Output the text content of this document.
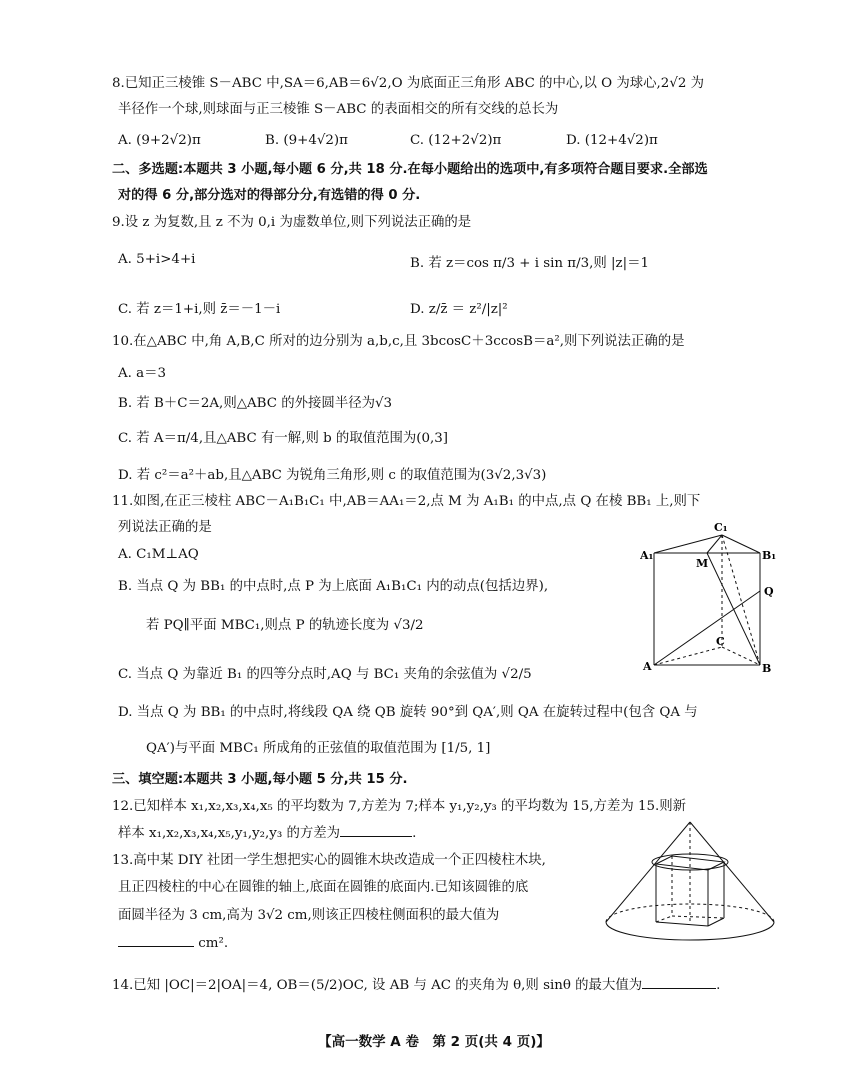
8.已知正三棱锥 S－ABC 中,SA＝6,AB＝6√2,O 为底面正三角形 ABC 的中心,以 O 为球心,2√2 为
半径作一个球,则球面与正三棱锥 S－ABC 的表面相交的所有交线的总长为
A. (9+2√2)π	B. (9+4√2)π	C. (12+2√2)π	D. (12+4√2)π
二、多选题:本题共 3 小题,每小题 6 分,共 18 分.在每小题给出的选项中,有多项符合题目要求.全部选
对的得 6 分,部分选对的得部分分,有选错的得 0 分.
9.设 z 为复数,且 z 不为 0,i 为虚数单位,则下列说法正确的是
A. 5+i>4+i	B. 若 z＝cos π/3 + i sin π/3,则 |z|＝1
C. 若 z＝1+i,则 z̄＝－1－i	D. z/z̄ ＝ z²/|z|²
10.在△ABC 中,角 A,B,C 所对的边分别为 a,b,c,且 3bcosC＋3ccosB＝a²,则下列说法正确的是
A. a＝3
B. 若 B＋C＝2A,则△ABC 的外接圆半径为√3
C. 若 A＝π/4,且△ABC 有一解,则 b 的取值范围为(0,3]
D. 若 c²＝a²＋ab,且△ABC 为锐角三角形,则 c 的取值范围为(3√2,3√3)
11.如图,在正三棱柱 ABC－A₁B₁C₁ 中,AB＝AA₁＝2,点 M 为 A₁B₁ 的中点,点 Q 在棱 BB₁ 上,则下
列说法正确的是
A. C₁M⊥AQ
B. 当点 Q 为 BB₁ 的中点时,点 P 为上底面 A₁B₁C₁ 内的动点(包括边界),
若 PQ∥平面 MBC₁,则点 P 的轨迹长度为 √3/2
C. 当点 Q 为靠近 B₁ 的四等分点时,AQ 与 BC₁ 夹角的余弦值为 √2/5
D. 当点 Q 为 BB₁ 的中点时,将线段 QA 绕 QB 旋转 90°到 QA′,则 QA 在旋转过程中(包含 QA 与
QA′)与平面 MBC₁ 所成角的正弦值的取值范围为 [1/5, 1]
C₁
A₁	B₁
M
Q
C
A	B
三、填空题:本题共 3 小题,每小题 5 分,共 15 分.
12.已知样本 x₁,x₂,x₃,x₄,x₅ 的平均数为 7,方差为 7;样本 y₁,y₂,y₃ 的平均数为 15,方差为 15.则新
样本 x₁,x₂,x₃,x₄,x₅,y₁,y₂,y₃ 的方差为	.
13.高中某 DIY 社团一学生想把实心的圆锥木块改造成一个正四棱柱木块,
且正四棱柱的中心在圆锥的轴上,底面在圆锥的底面内.已知该圆锥的底
面圆半径为 3 cm,高为 3√2 cm,则该正四棱柱侧面积的最大值为
cm².
14.已知 |OC|＝2|OA|＝4, OB＝(5/2)OC, 设 AB 与 AC 的夹角为 θ,则 sinθ 的最大值为	.
【高一数学 A 卷　第 2 页(共 4 页)】
